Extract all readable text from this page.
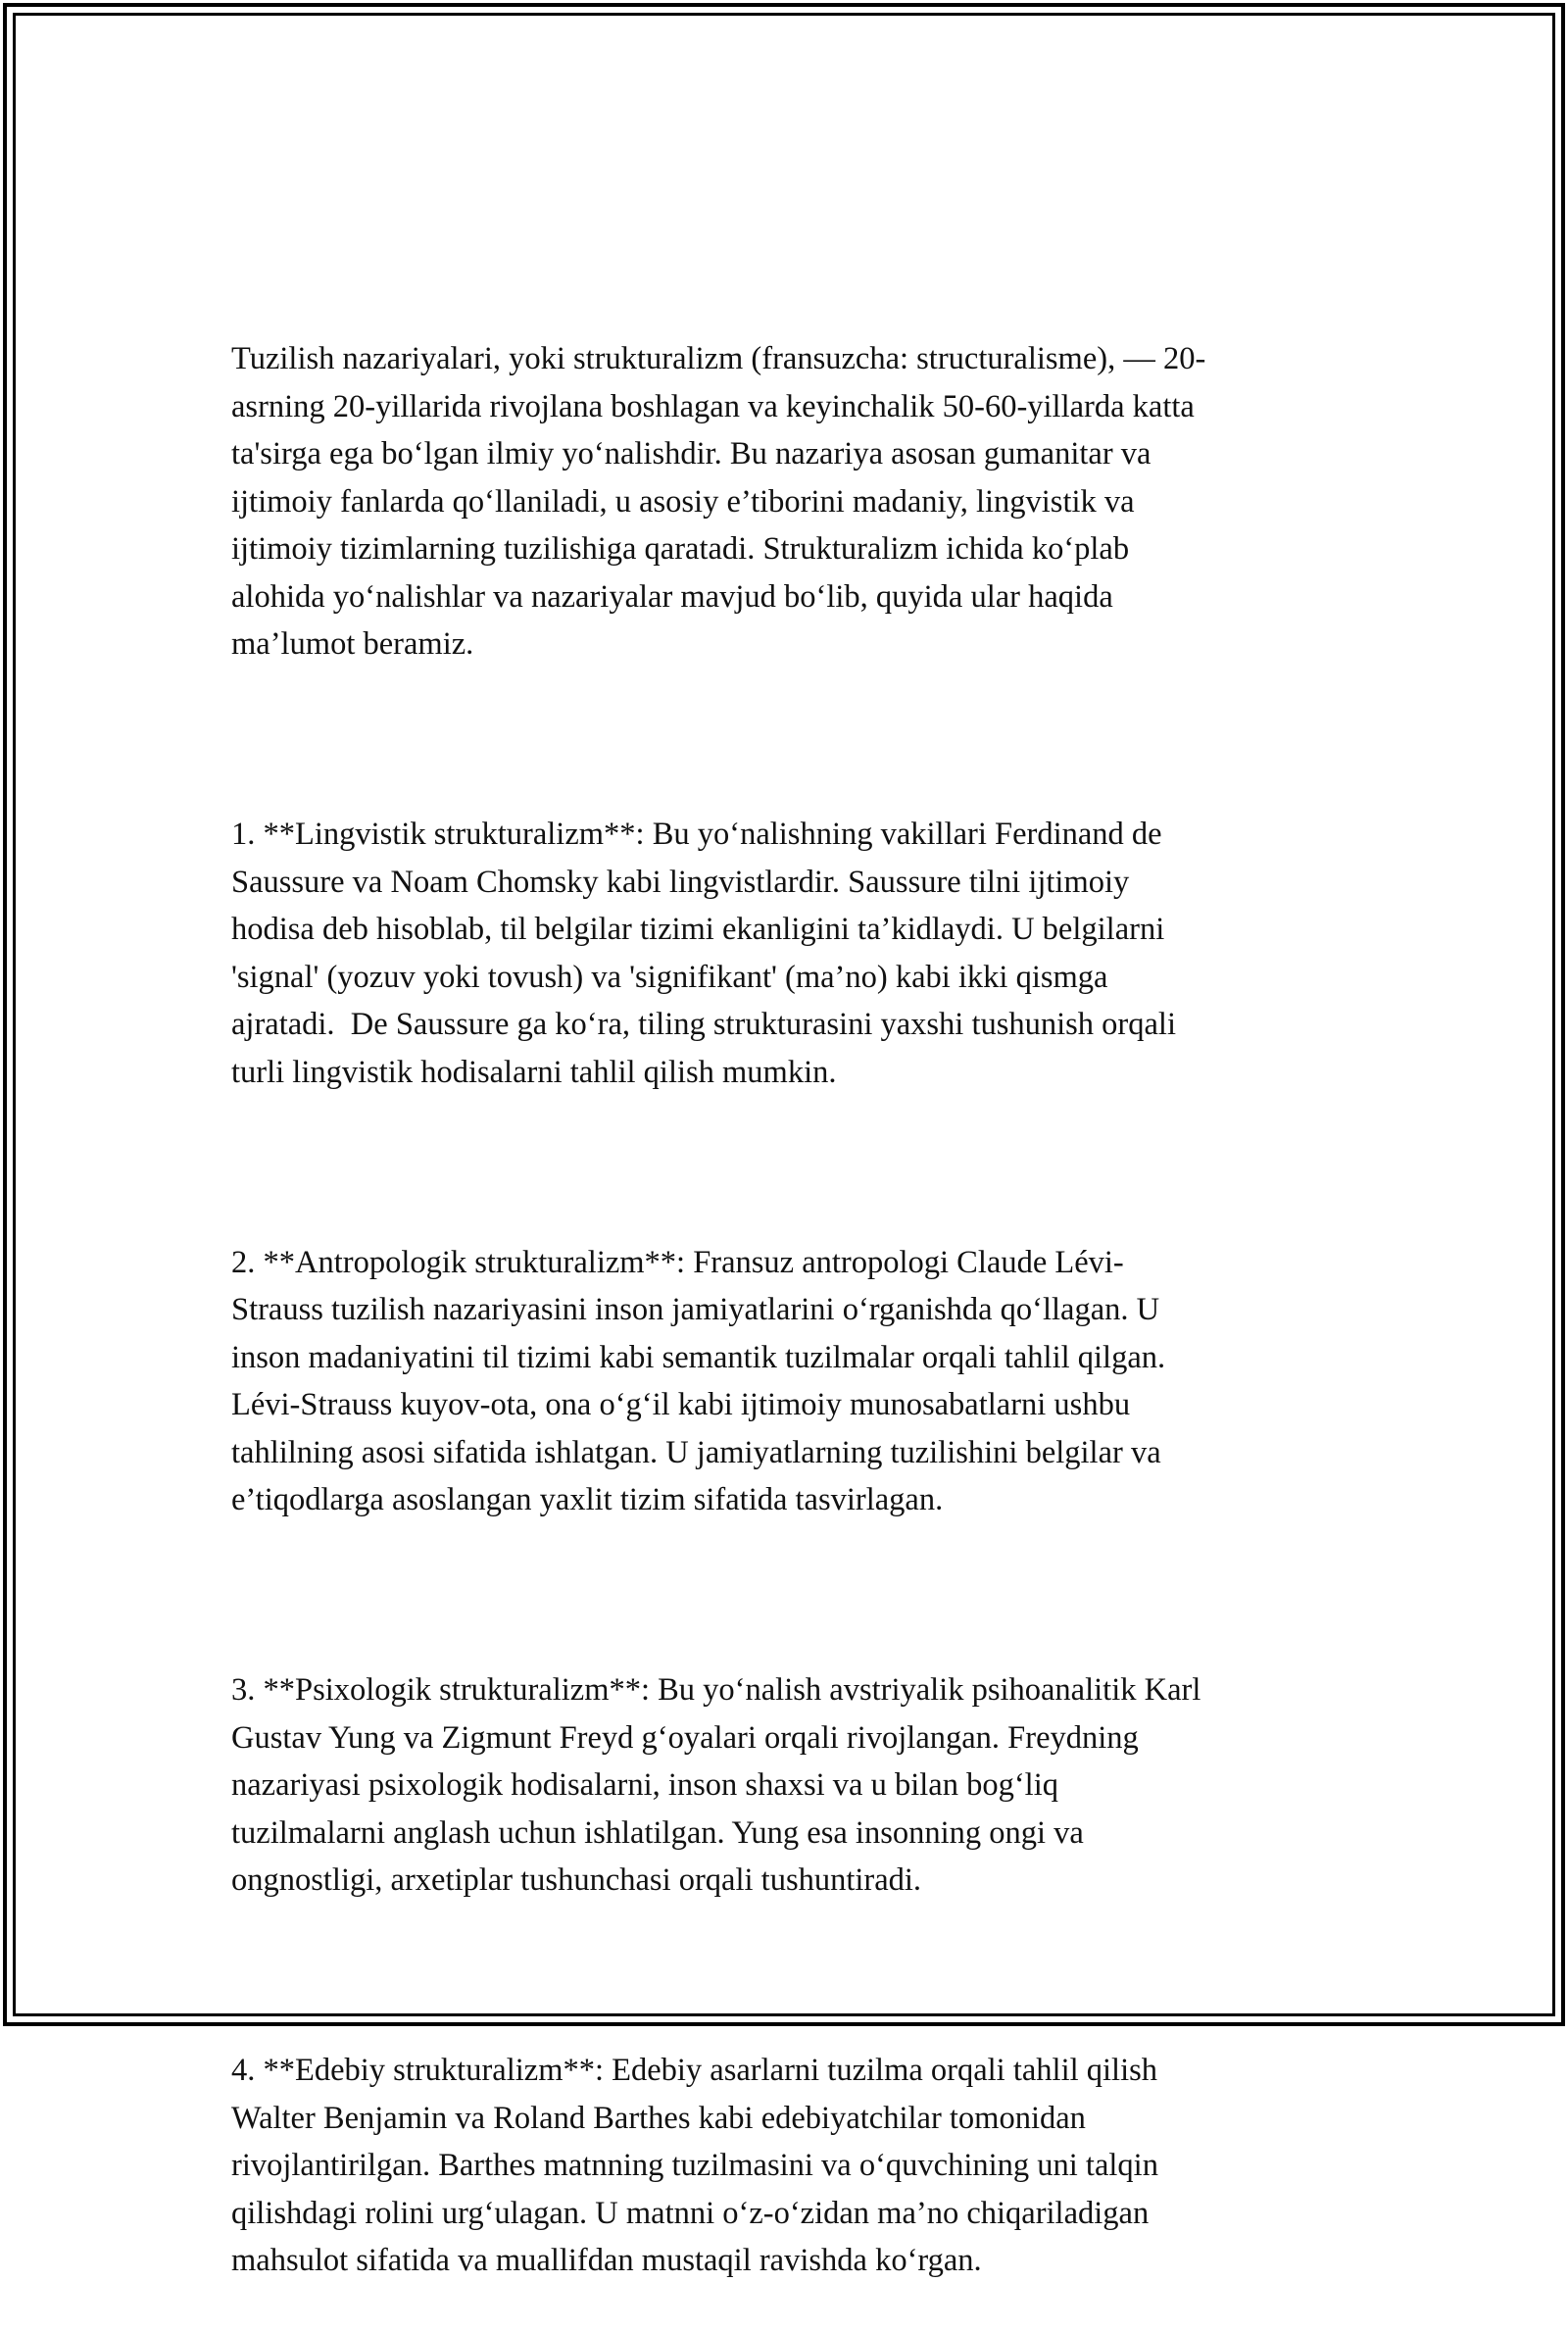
Tuzilish nazariyalari, yoki strukturalizm (fransuzcha: structuralisme), — 20-
asrning 20-yillarida rivojlana boshlagan va keyinchalik 50-60-yillarda katta
ta'sirga ega boʻlgan ilmiy yoʻnalishdir. Bu nazariya asosan gumanitar va
ijtimoiy fanlarda qoʻllaniladi, u asosiy e’tiborini madaniy, lingvistik va
ijtimoiy tizimlarning tuzilishiga qaratadi. Strukturalizm ichida koʻplab
alohida yoʻnalishlar va nazariyalar mavjud boʻlib, quyida ular haqida
ma’lumot beramiz.

1. **Lingvistik strukturalizm**: Bu yoʻnalishning vakillari Ferdinand de
Saussure va Noam Chomsky kabi lingvistlardir. Saussure tilni ijtimoiy
hodisa deb hisoblab, til belgilar tizimi ekanligini ta’kidlaydi. U belgilarni
'signal' (yozuv yoki tovush) va 'signifikant' (ma’no) kabi ikki qismga
ajratadi.  De Saussure ga koʻra, tiling strukturasini yaxshi tushunish orqali
turli lingvistik hodisalarni tahlil qilish mumkin.

2. **Antropologik strukturalizm**: Fransuz antropologi Claude Lévi-
Strauss tuzilish nazariyasini inson jamiyatlarini oʻrganishda qoʻllagan. U
inson madaniyatini til tizimi kabi semantik tuzilmalar orqali tahlil qilgan.
Lévi-Strauss kuyov-ota, ona oʻgʻil kabi ijtimoiy munosabatlarni ushbu
tahlilning asosi sifatida ishlatgan. U jamiyatlarning tuzilishini belgilar va
e’tiqodlarga asoslangan yaxlit tizim sifatida tasvirlagan.

3. **Psixologik strukturalizm**: Bu yoʻnalish avstriyalik psihoanalitik Karl
Gustav Yung va Zigmunt Freyd gʻoyalari orqali rivojlangan. Freydning
nazariyasi psixologik hodisalarni, inson shaxsi va u bilan bogʻliq
tuzilmalarni anglash uchun ishlatilgan. Yung esa insonning ongi va
ongnostligi, arxetiplar tushunchasi orqali tushuntiradi.

4. **Edebiy strukturalizm**: Edebiy asarlarni tuzilma orqali tahlil qilish
Walter Benjamin va Roland Barthes kabi edebiyatchilar tomonidan
rivojlantirilgan. Barthes matnning tuzilmasini va oʻquvchining uni talqin
qilishdagi rolini urgʻulagan. U matnni oʻz-oʻzidan ma’no chiqariladigan
mahsulot sifatida va muallifdan mustaqil ravishda koʻrgan.
